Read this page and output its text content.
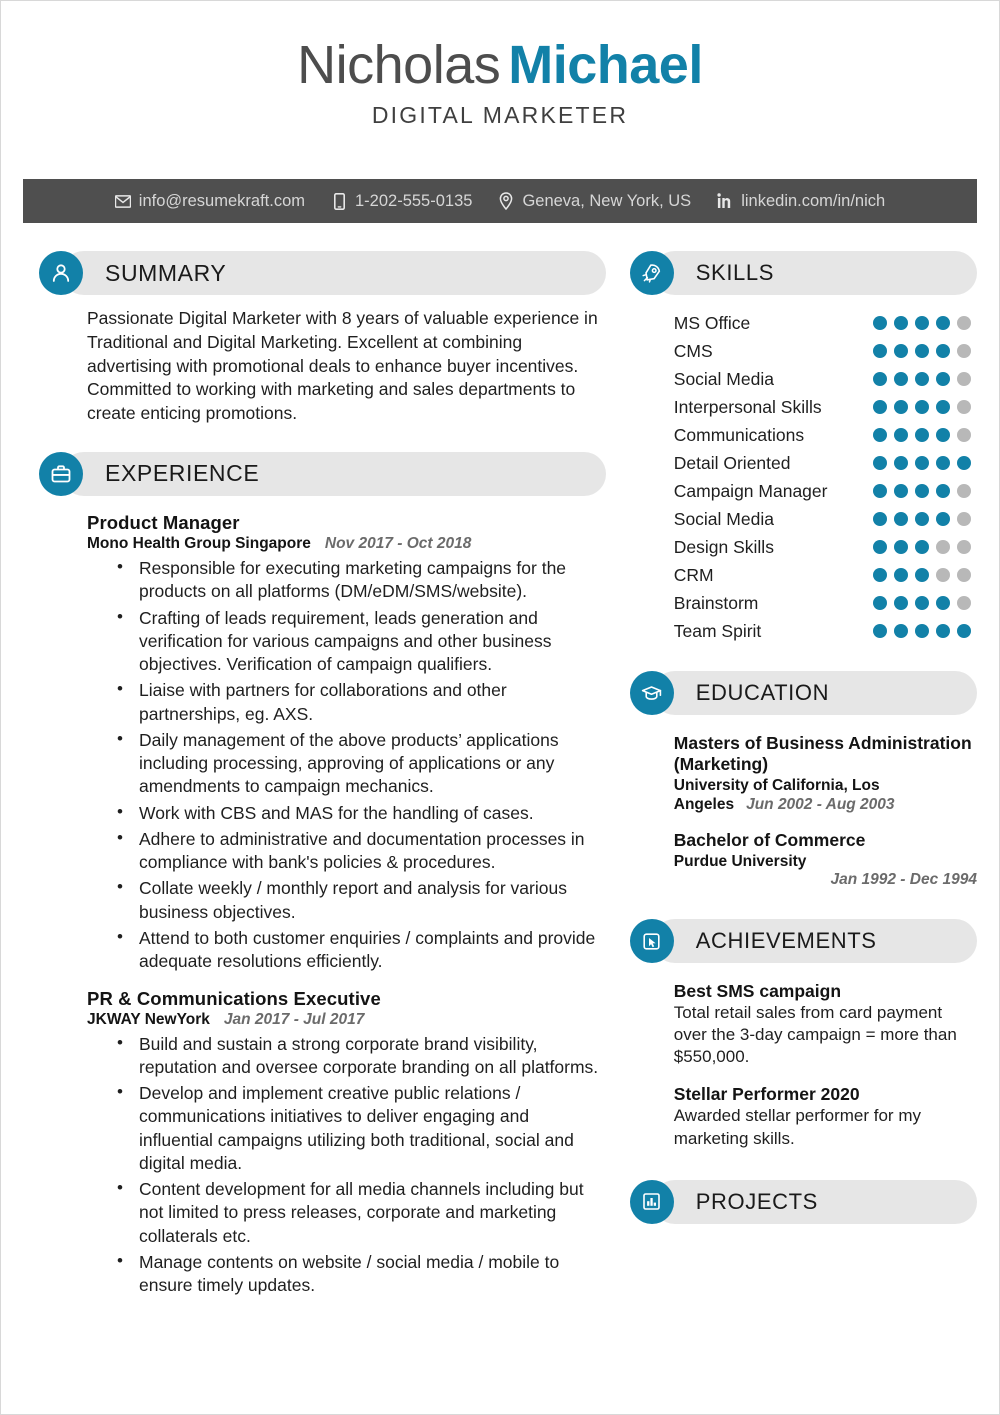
Nicholas Michael
DIGITAL MARKETER
info@resumekraft.com	1-202-555-0135	Geneva, New York, US	linkedin.com/in/nich
SUMMARY
Passionate Digital Marketer with 8 years of valuable experience in Traditional and Digital Marketing. Excellent at combining advertising with promotional deals to enhance buyer incentives. Committed to working with marketing and sales departments to create enticing promotions.
EXPERIENCE
Product Manager
Mono Health Group Singapore Nov 2017 - Oct 2018
• Responsible for executing marketing campaigns for the products on all platforms (DM/eDM/SMS/website).
• Crafting of leads requirement, leads generation and verification for various campaigns and other business objectives. Verification of campaign qualifiers.
• Liaise with partners for collaborations and other partnerships, eg. AXS.
• Daily management of the above products’ applications including processing, approving of applications or any amendments to campaign mechanics.
• Work with CBS and MAS for the handling of cases.
• Adhere to administrative and documentation processes in compliance with bank's policies & procedures.
• Collate weekly / monthly report and analysis for various business objectives.
• Attend to both customer enquiries / complaints and provide adequate resolutions efficiently.
PR & Communications Executive
JKWAY NewYork Jan 2017 - Jul 2017
• Build and sustain a strong corporate brand visibility, reputation and oversee corporate branding on all platforms.
• Develop and implement creative public relations / communications initiatives to deliver engaging and influential campaigns utilizing both traditional, social and digital media.
• Content development for all media channels including but not limited to press releases, corporate and marketing collaterals etc.
• Manage contents on website / social media / mobile to ensure timely updates.
SKILLS
MS Office
CMS
Social Media
Interpersonal Skills
Communications
Detail Oriented
Campaign Manager
Social Media
Design Skills
CRM
Brainstorm
Team Spirit
EDUCATION
Masters of Business Administration (Marketing)
University of California, Los Angeles Jun 2002 - Aug 2003
Bachelor of Commerce
Purdue University
Jan 1992 - Dec 1994
ACHIEVEMENTS
Best SMS campaign
Total retail sales from card payment over the 3-day campaign = more than $550,000.
Stellar Performer 2020
Awarded stellar performer for my marketing skills.
PROJECTS
